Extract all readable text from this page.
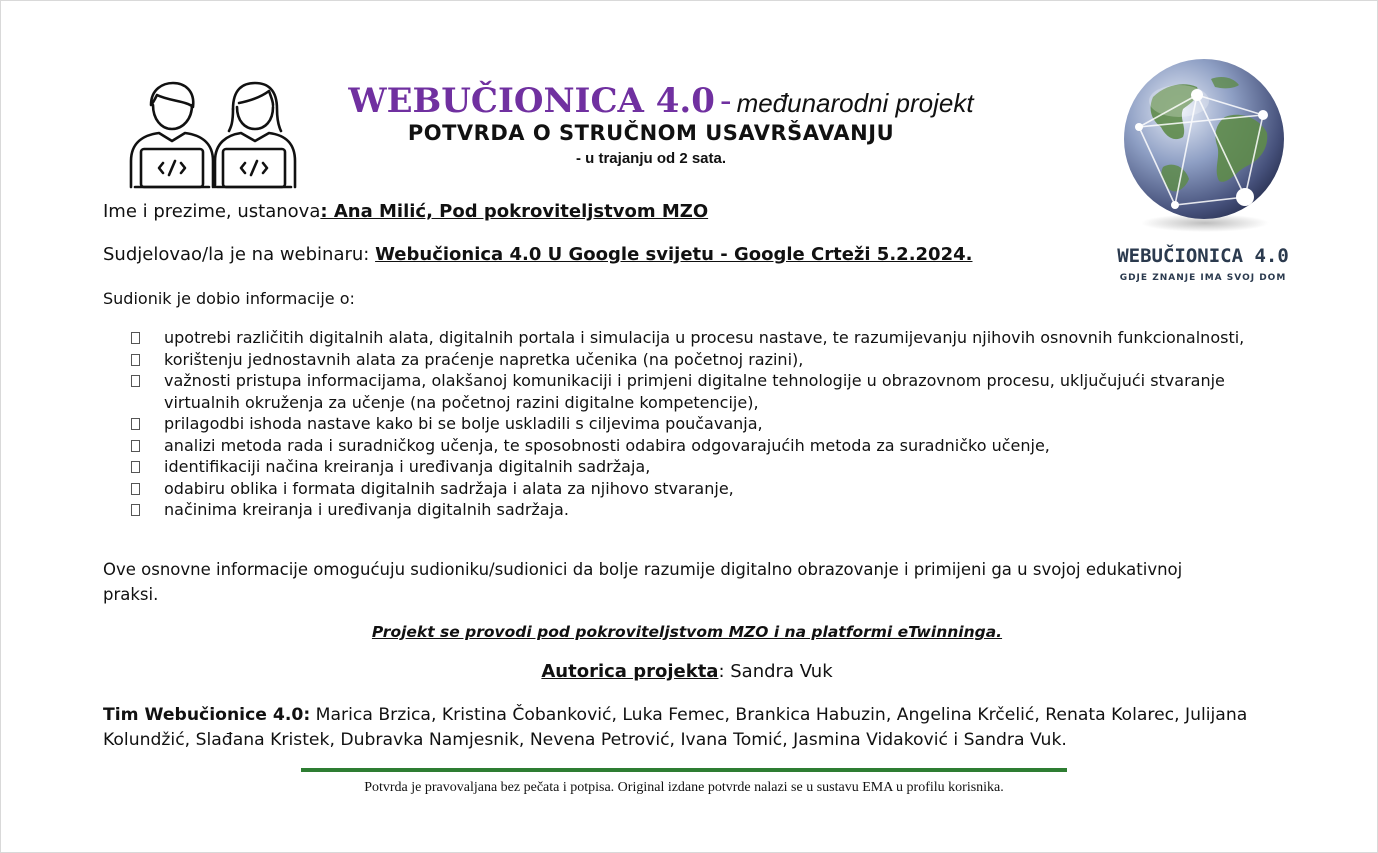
WEBUČIONICA 4.0 - međunarodni projekt
POTVRDA O STRUČNOM USAVRŠAVANJU
- u trajanju od 2 sata.
WEBUČIONICA 4.0
GDJE ZNANJE IMA SVOJ DOM
Ime i prezime, ustanova: Ana Milić, Pod pokroviteljstvom MZO
Sudjelovao/la je na webinaru: Webučionica 4.0 U Google svijetu - Google Crteži 5.2.2024.
Sudionik je dobio informacije o:
upotrebi različitih digitalnih alata, digitalnih portala i simulacija u procesu nastave, te razumijevanju njihovih osnovnih funkcionalnosti,
korištenju jednostavnih alata za praćenje napretka učenika (na početnoj razini),
važnosti pristupa informacijama, olakšanoj komunikaciji i primjeni digitalne tehnologije u obrazovnom procesu, uključujući stvaranje virtualnih okruženja za učenje (na početnoj razini digitalne kompetencije),
prilagodbi ishoda nastave kako bi se bolje uskladili s ciljevima poučavanja,
analizi metoda rada i suradničkog učenja, te sposobnosti odabira odgovarajućih metoda za suradničko učenje,
identifikaciji načina kreiranja i uređivanja digitalnih sadržaja,
odabiru oblika i formata digitalnih sadržaja i alata za njihovo stvaranje,
načinima kreiranja i uređivanja digitalnih sadržaja.
Ove osnovne informacije omogućuju sudioniku/sudionici da bolje razumije digitalno obrazovanje i primijeni ga u svojoj edukativnoj praksi.
Projekt se provodi pod pokroviteljstvom MZO i na platformi eTwinninga.
Autorica projekta: Sandra Vuk
Tim Webučionice 4.0: Marica Brzica, Kristina Čobanković, Luka Femec, Brankica Habuzin, Angelina Krčelić, Renata Kolarec, Julijana Kolundžić, Slađana Kristek, Dubravka Namjesnik, Nevena Petrović, Ivana Tomić, Jasmina Vidaković i Sandra Vuk.
Potvrda je pravovaljana bez pečata i potpisa. Original izdane potvrde nalazi se u sustavu EMA u profilu korisnika.
